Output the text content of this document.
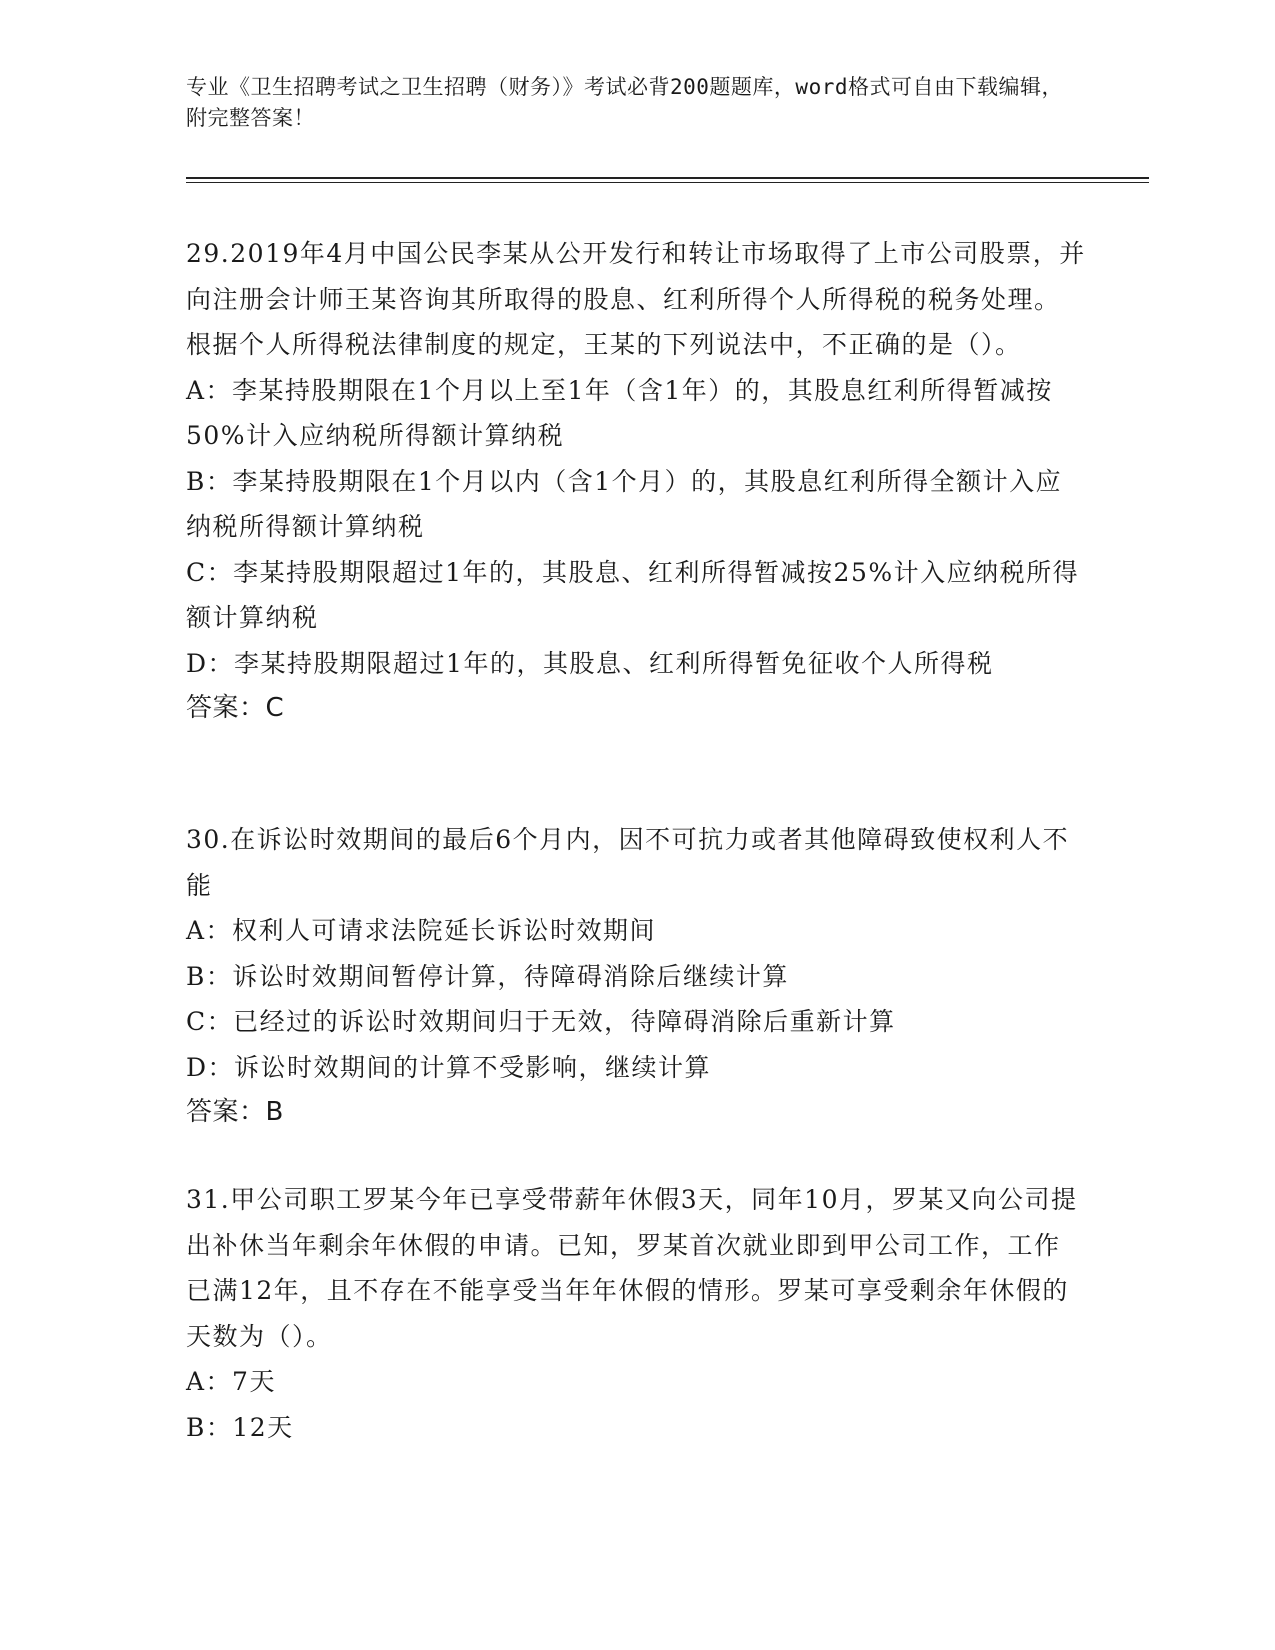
专业《卫生招聘考试之卫生招聘（财务）》考试必背200题题库，word格式可自由下载编辑，附完整答案！

29.2019年4月中国公民李某从公开发行和转让市场取得了上市公司股票，并向注册会计师王某咨询其所取得的股息、红利所得个人所得税的税务处理。根据个人所得税法律制度的规定，王某的下列说法中，不正确的是（）。

A：李某持股期限在1个月以上至1年（含1年）的，其股息红利所得暂减按50%计入应纳税所得额计算纳税

B：李某持股期限在1个月以内（含1个月）的，其股息红利所得全额计入应纳税所得额计算纳税

C：李某持股期限超过1年的，其股息、红利所得暂减按25%计入应纳税所得额计算纳税

D：李某持股期限超过1年的，其股息、红利所得暂免征收个人所得税

答案：C

30.在诉讼时效期间的最后6个月内，因不可抗力或者其他障碍致使权利人不能

A：权利人可请求法院延长诉讼时效期间

B：诉讼时效期间暂停计算，待障碍消除后继续计算

C：已经过的诉讼时效期间归于无效，待障碍消除后重新计算

D：诉讼时效期间的计算不受影响，继续计算

答案：B

31.甲公司职工罗某今年已享受带薪年休假3天，同年10月，罗某又向公司提出补休当年剩余年休假的申请。已知，罗某首次就业即到甲公司工作，工作已满12年，且不存在不能享受当年年休假的情形。罗某可享受剩余年休假的天数为（）。

A：7天

B：12天
